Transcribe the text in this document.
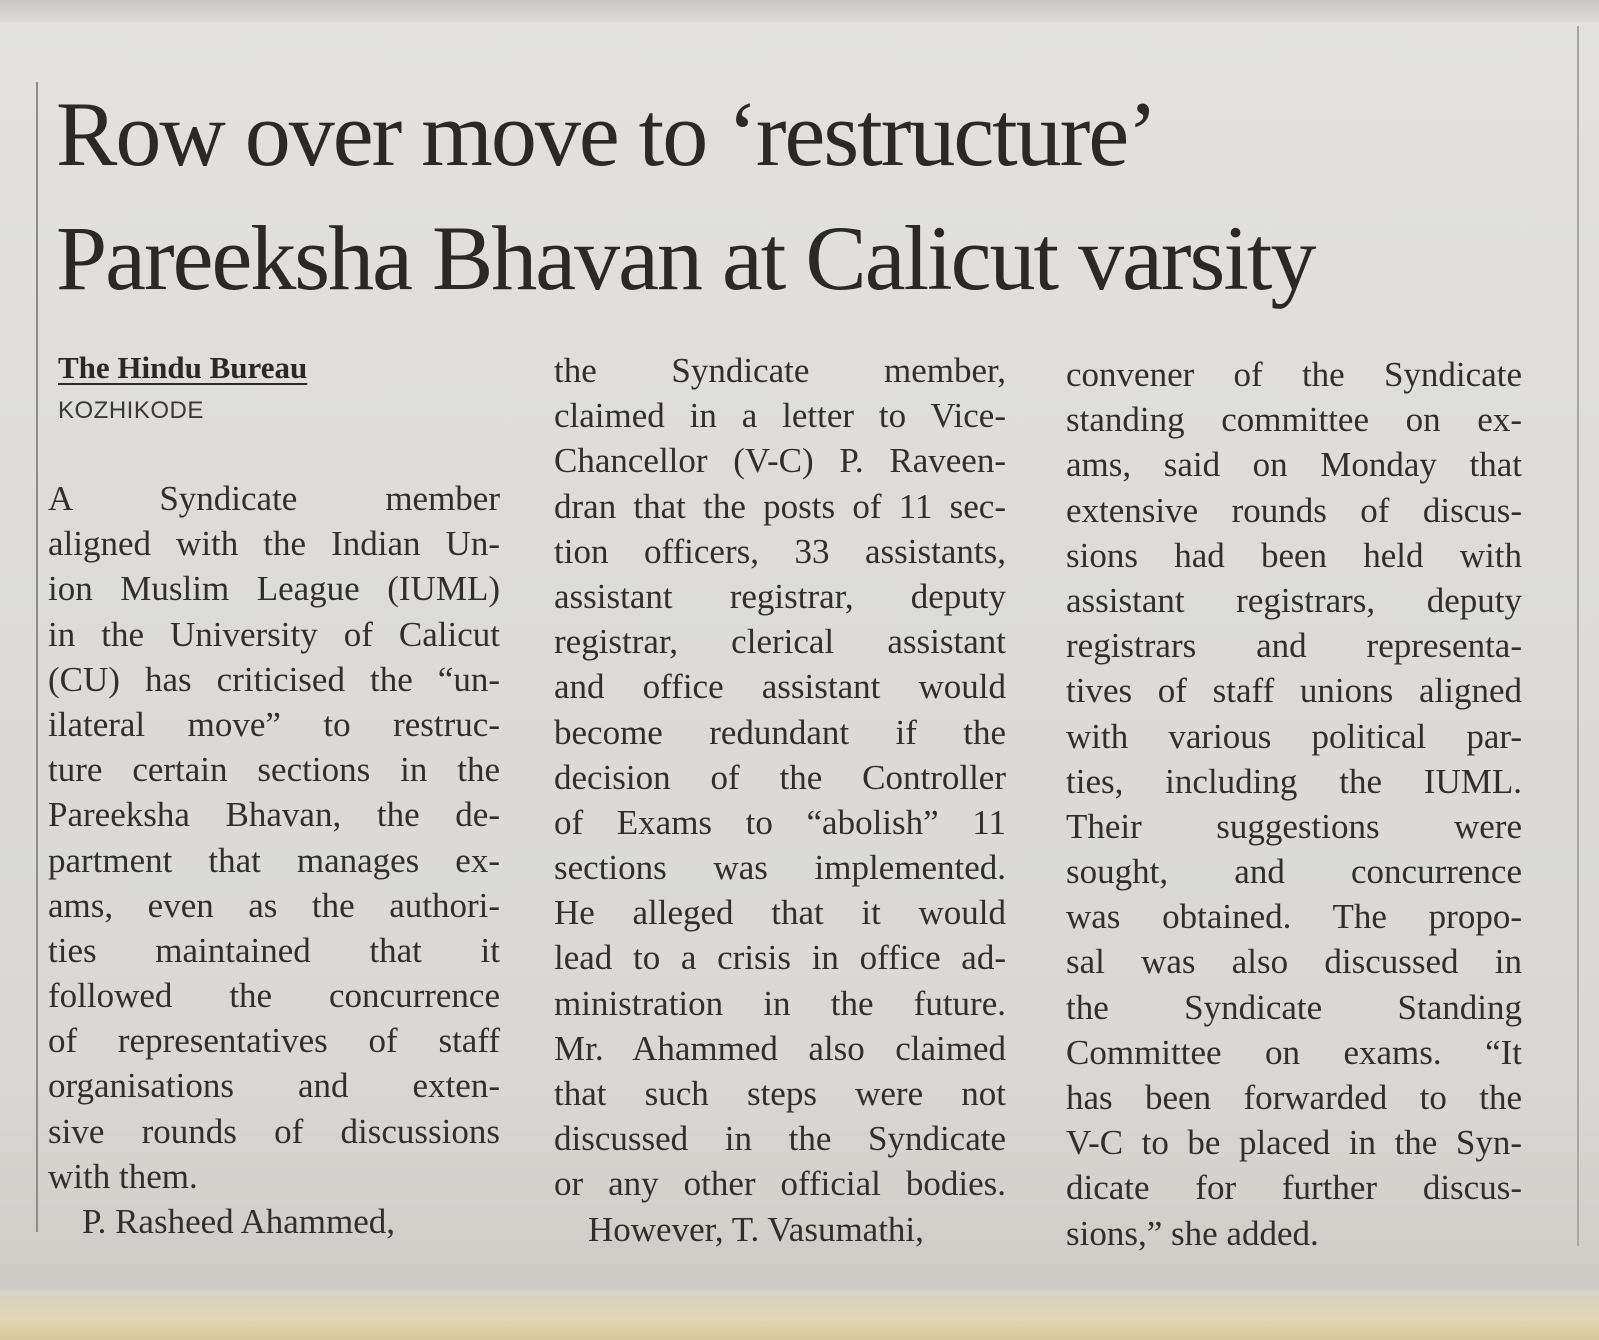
Row over move to ‘restructure’
Pareeksha Bhavan at Calicut varsity
The Hindu Bureau
KOZHIKODE
A Syndicate member
aligned with the Indian Un-
ion Muslim League (IUML)
in the University of Calicut
(CU) has criticised the “un-
ilateral move” to restruc-
ture certain sections in the
Pareeksha Bhavan, the de-
partment that manages ex-
ams, even as the authori-
ties maintained that it
followed the concurrence
of representatives of staff
organisations and exten-
sive rounds of discussions
with them.
P. Rasheed Ahammed,
the Syndicate member,
claimed in a letter to Vice-
Chancellor (V-C) P. Raveen-
dran that the posts of 11 sec-
tion officers, 33 assistants,
assistant registrar, deputy
registrar, clerical assistant
and office assistant would
become redundant if the
decision of the Controller
of Exams to “abolish” 11
sections was implemented.
He alleged that it would
lead to a crisis in office ad-
ministration in the future.
Mr. Ahammed also claimed
that such steps were not
discussed in the Syndicate
or any other official bodies.
However, T. Vasumathi,
convener of the Syndicate
standing committee on ex-
ams, said on Monday that
extensive rounds of discus-
sions had been held with
assistant registrars, deputy
registrars and representa-
tives of staff unions aligned
with various political par-
ties, including the IUML.
Their suggestions were
sought, and concurrence
was obtained. The propo-
sal was also discussed in
the Syndicate Standing
Committee on exams. “It
has been forwarded to the
V-C to be placed in the Syn-
dicate for further discus-
sions,” she added.
